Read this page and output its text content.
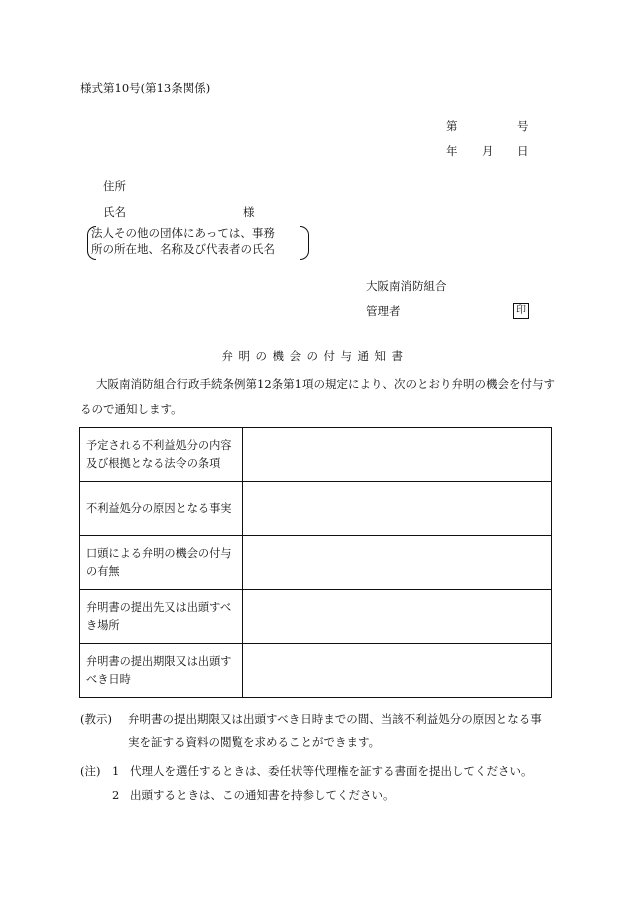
様式第10号(第13条関係)
第	号
年 月 日
住所
氏名	様
法人その他の団体にあっては、事務
所の所在地、名称及び代表者の氏名
大阪南消防組合
管理者	印
弁明の機会の付与通知書
大阪南消防組合行政手続条例第12条第1項の規定により、次のとおり弁明の機会を付与す
るので通知します。
予定される不利益処分の内容及び根拠となる法令の条項	
不利益処分の原因となる事実	
口頭による弁明の機会の付与の有無	
弁明書の提出先又は出頭すべき場所	
弁明書の提出期限又は出頭すべき日時	
(教示) 弁明書の提出期限又は出頭すべき日時までの間、当該不利益処分の原因となる事
実を証する資料の閲覧を求めることができます。
(注) 1 代理人を選任するときは、委任状等代理権を証する書面を提出してください。
2 出頭するときは、この通知書を持参してください。
